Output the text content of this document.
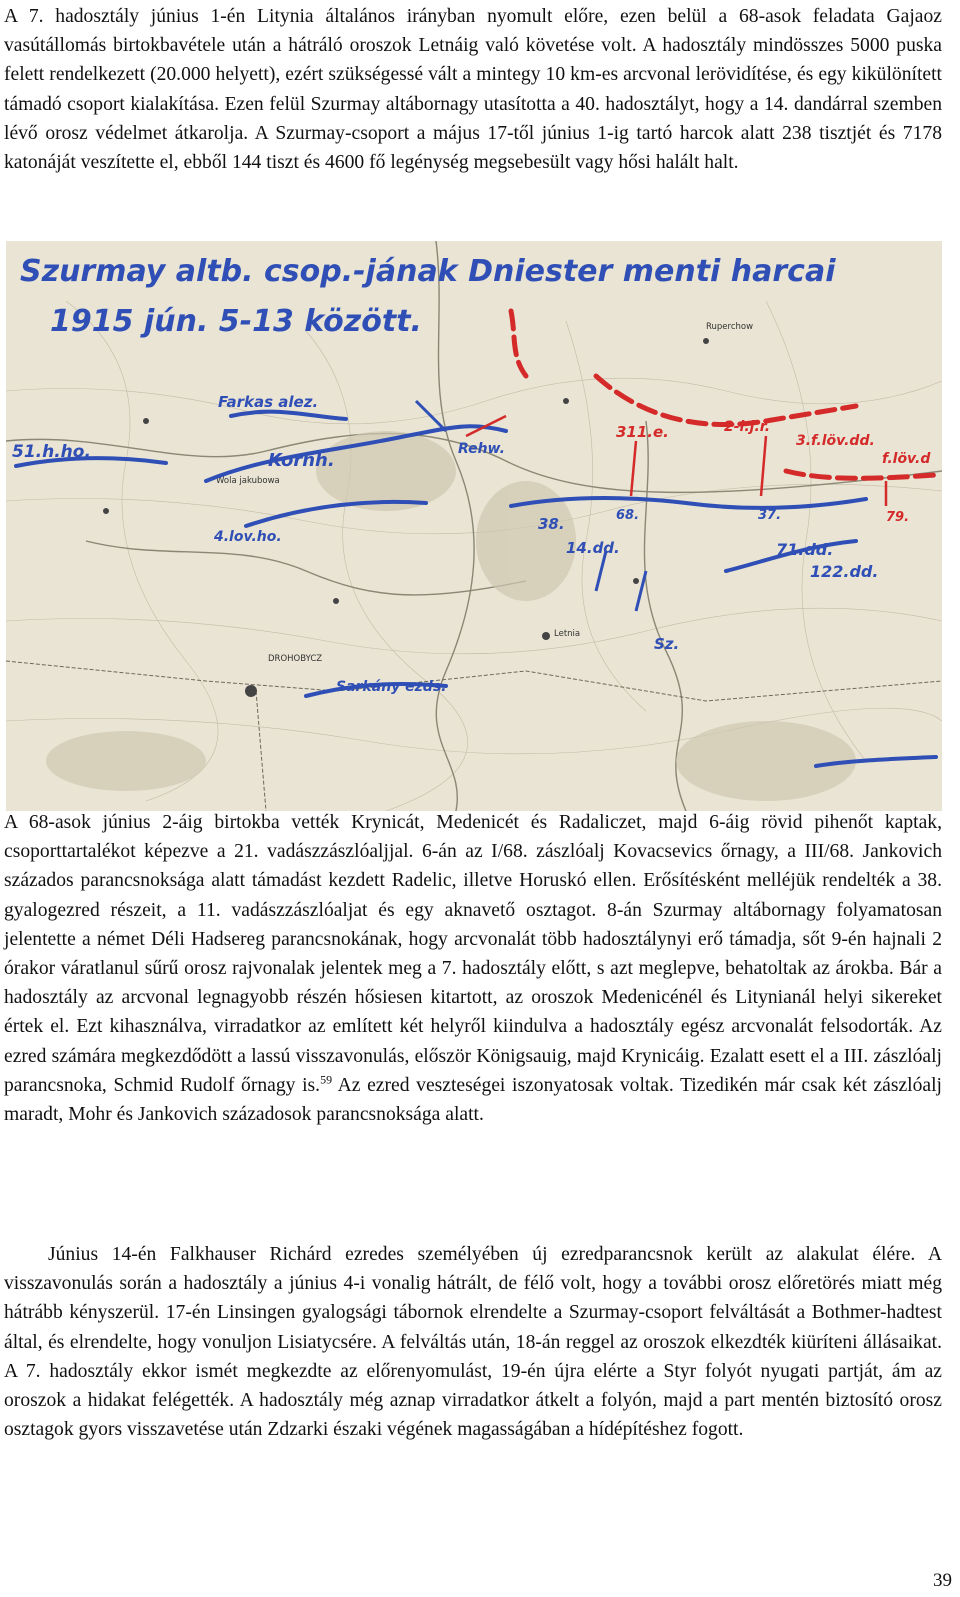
A 7. hadosztály június 1-én Litynia általános irányban nyomult előre, ezen belül a 68-asok feladata Gajaoz vasútállomás birtokbavétele után a hátráló oroszok Letnáig való követése volt. A hadosztály mindösszes 5000 puska felett rendelkezett (20.000 helyett), ezért szükségessé vált a mintegy 10 km-es arcvonal lerövidítése, és egy kikülönített támadó csoport kialakítása. Ezen felül Szurmay altábornagy utasította a 40. hadosztályt, hogy a 14. dandárral szemben lévő orosz védelmet átkarolja. A Szurmay-csoport a május 17-től június 1-ig tartó harcok alatt 238 tisztjét és 7178 katonáját veszítette el, ebből 144 tiszt és 4600 fő legénység megsebesült vagy hősi halált halt.

DROHOBYCZ
Letnia
Wola jakubowa
Ruperchow
Szurmay altb. csop.-jának Dniester menti harcai
1915 jún. 5-13 között.
51.h.ho.
Farkas alez.
Kornh.
4.lov.ho.
Rehw.
38.
14.dd.
68.	37.
71.dd.
122.dd.
Sz.
Sarkány ezds.
311.e.	2-l.j.r.
3.f.löv.dd.
f.löv.d
79.

A 68-asok június 2-áig birtokba vették Krynicát, Medenicét és Radaliczet, majd 6-áig rövid pihenőt kaptak, csoporttartalékot képezve a 21. vadászzászlóaljjal. 6-án az I/68. zászlóalj Kovacsevics őrnagy, a III/68. Jankovich százados parancsnoksága alatt támadást kezdett Radelic, illetve Horuskó ellen. Erősítésként melléjük rendelték a 38. gyalogezred részeit, a 11. vadászzászlóaljat és egy aknavető osztagot. 8-án Szurmay altábornagy folyamatosan jelentette a német Déli Hadsereg parancsnokának, hogy arcvonalát több hadosztálynyi erő támadja, sőt 9-én hajnali 2 órakor váratlanul sűrű orosz rajvonalak jelentek meg a 7. hadosztály előtt, s azt meglepve, behatoltak az árokba. Bár a hadosztály az arcvonal legnagyobb részén hősiesen kitartott, az oroszok Medenicénél és Litynianál helyi sikereket értek el. Ezt kihasználva, virradatkor az említett két helyről kiindulva a hadosztály egész arcvonalát felsodorták. Az ezred számára megkezdődött a lassú visszavonulás, először Königsauig, majd Krynicáig. Ezalatt esett el a III. zászlóalj parancsnoka, Schmid Rudolf őrnagy is.$^{59}$ Az ezred veszteségei iszonyatosak voltak. Tizedikén már csak két zászlóalj maradt, Mohr és Jankovich századosok parancsnoksága alatt.

Június 14-én Falkhauser Richárd ezredes személyében új ezredparancsnok került az alakulat élére. A visszavonulás során a hadosztály a június 4-i vonalig hátrált, de félő volt, hogy a további orosz előretörés miatt még hátrább kényszerül. 17-én Linsingen gyalogsági tábornok elrendelte a Szurmay-csoport felváltását a Bothmer-hadtest által, és elrendelte, hogy vonuljon Lisiatycsére. A felváltás után, 18-án reggel az oroszok elkezdték kiüríteni állásaikat. A 7. hadosztály ekkor ismét megkezdte az előrenyomulást, 19-én újra elérte a Styr folyót nyugati partját, ám az oroszok a hidakat felégették. A hadosztály még aznap virradatkor átkelt a folyón, majd a part mentén biztosító orosz osztagok gyors visszavetése után Zdzarki északi végének magasságában a hídépítéshez fogott.

39
